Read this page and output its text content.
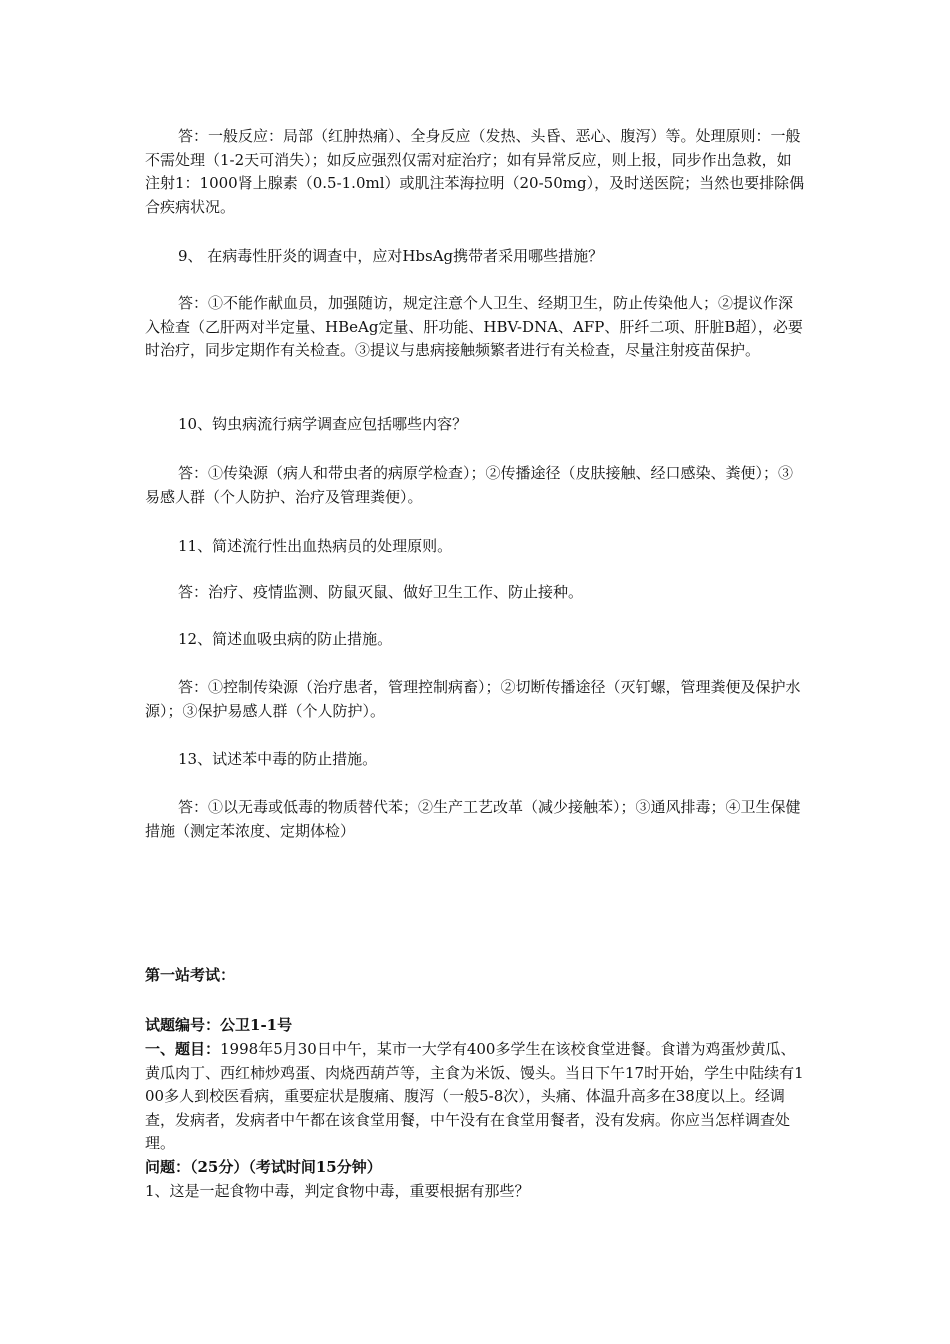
答：一般反应：局部（红肿热痛）、全身反应（发热、头昏、恶心、腹泻）等。处理原则：一般不需处理（1-2天可消失）；如反应强烈仅需对症治疗；如有异常反应，则上报，同步作出急救，如注射1：1000肾上腺素（0.5-1.0ml）或肌注苯海拉明（20-50mg），及时送医院；当然也要排除偶合疾病状况。

9、 在病毒性肝炎的调查中，应对HbsAg携带者采用哪些措施？

答：①不能作献血员，加强随访，规定注意个人卫生、经期卫生，防止传染他人；②提议作深入检查（乙肝两对半定量、HBeAg定量、肝功能、HBV-DNA、AFP、肝纤二项、肝脏B超），必要时治疗，同步定期作有关检查。③提议与患病接触频繁者进行有关检查，尽量注射疫苗保护。

10、钩虫病流行病学调查应包括哪些内容？

答：①传染源（病人和带虫者的病原学检查）；②传播途径（皮肤接触、经口感染、粪便）；③易感人群（个人防护、治疗及管理粪便）。

11、简述流行性出血热病员的处理原则。

答：治疗、疫情监测、防鼠灭鼠、做好卫生工作、防止接种。

12、简述血吸虫病的防止措施。

答：①控制传染源（治疗患者，管理控制病畜）；②切断传播途径（灭钉螺，管理粪便及保护水源）；③保护易感人群（个人防护）。

13、试述苯中毒的防止措施。

答：①以无毒或低毒的物质替代苯；②生产工艺改革（减少接触苯）；③通风排毒；④卫生保健措施（测定苯浓度、定期体检）

第一站考试：

试题编号：公卫1-1号

一、题目：1998年5月30日中午，某市一大学有400多学生在该校食堂进餐。食谱为鸡蛋炒黄瓜、黄瓜肉丁、西红柿炒鸡蛋、肉烧西葫芦等，主食为米饭、馒头。当日下午17时开始，学生中陆续有100多人到校医看病，重要症状是腹痛、腹泻（一般5-8次），头痛、体温升高多在38度以上。经调查，发病者，发病者中午都在该食堂用餐，中午没有在食堂用餐者，没有发病。你应当怎样调查处理。

问题：（25分）（考试时间15分钟）

1、这是一起食物中毒，判定食物中毒，重要根据有那些？
